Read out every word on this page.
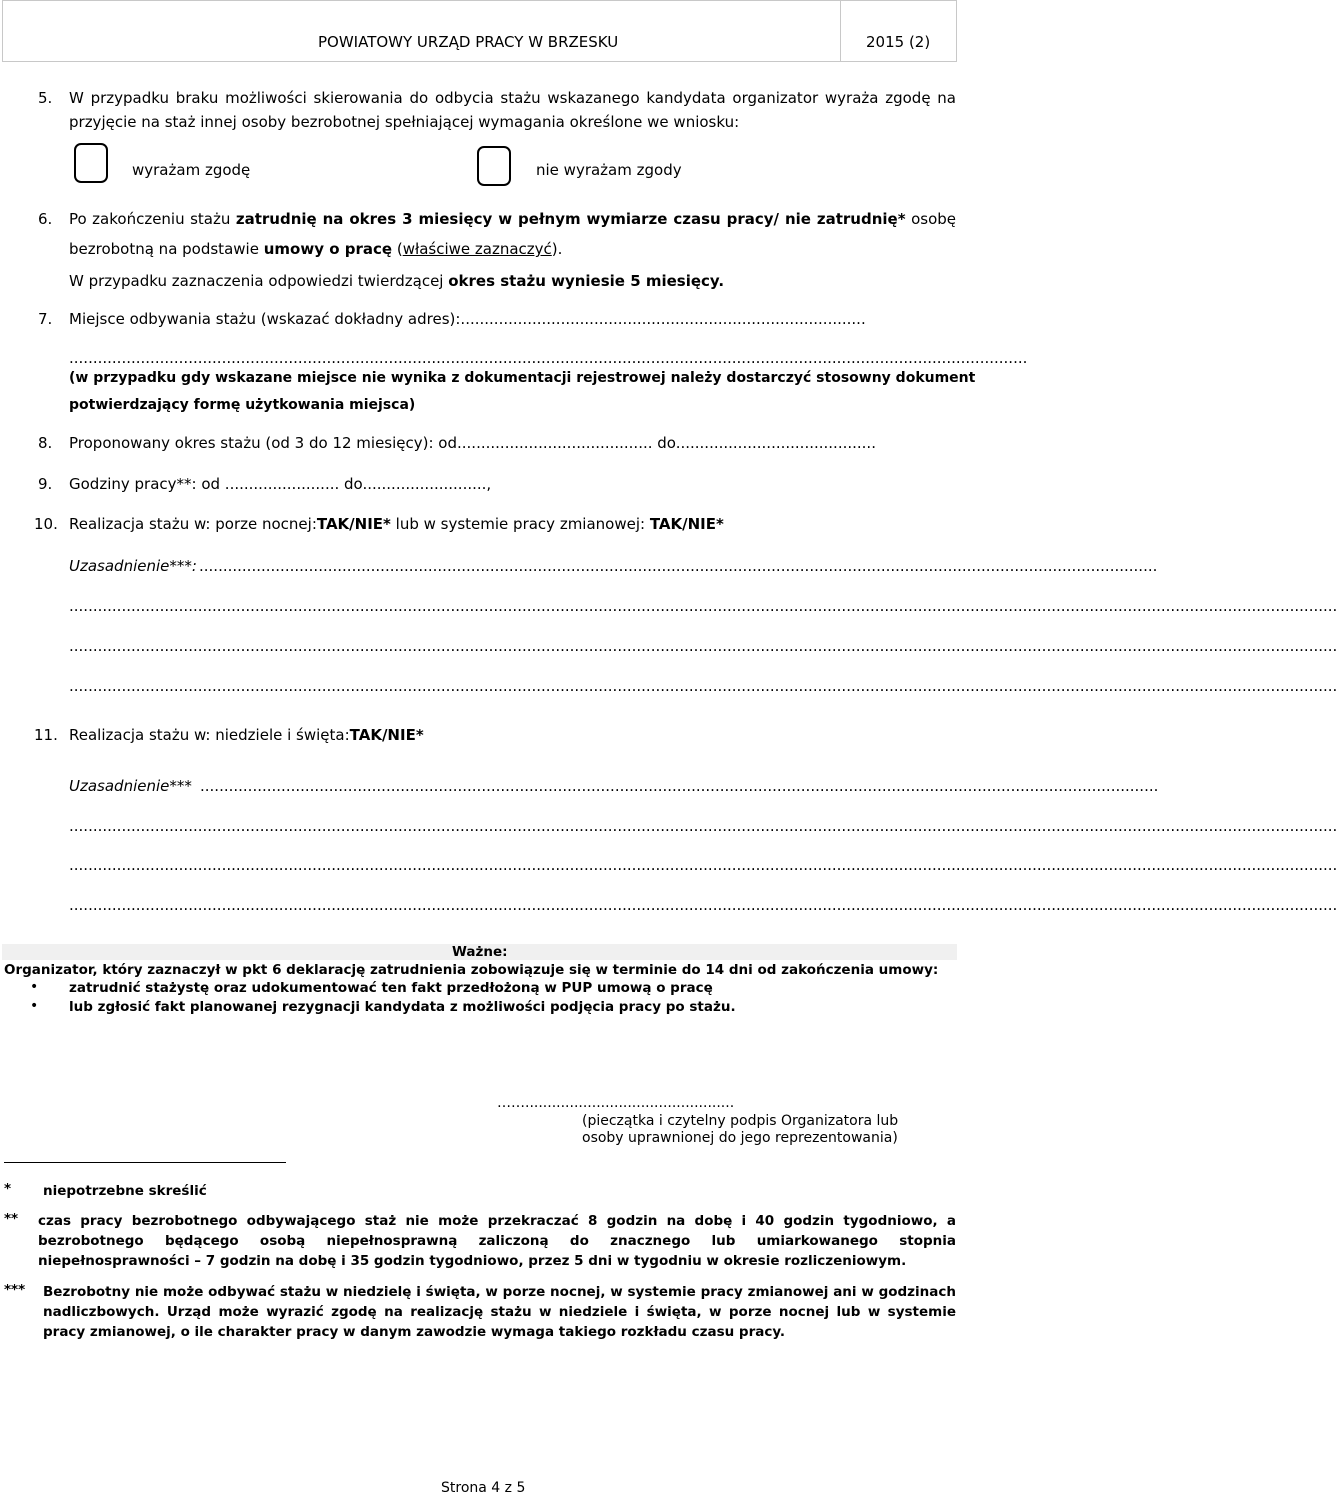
POWIATOWY URZĄD PRACY W BRZESKU	2015 (2)
5. W przypadku braku możliwości skierowania do odbycia stażu wskazanego kandydata organizator wyraża zgodę na
przyjęcie na staż innej osoby bezrobotnej spełniającej wymagania określone we wniosku:
wyrażam zgodę	nie wyrażam zgody
6. Po zakończeniu stażu zatrudnię na okres 3 miesięcy w pełnym wymiarze czasu pracy/ nie zatrudnię* osobę
bezrobotną na podstawie umowy o pracę (właściwe zaznaczyć).
W przypadku zaznaczenia odpowiedzi twierdzącej okres stażu wyniesie 5 miesięcy.
7. Miejsce odbywania stażu (wskazać dokładny adres):.....................................................................................
.........................................................................................................................................................................................................
(w przypadku gdy wskazane miejsce nie wynika z dokumentacji rejestrowej należy dostarczyć stosowny dokument
potwierdzający formę użytkowania miejsca)
8. Proponowany okres stażu (od 3 do 12 miesięcy): od......................................... do..........................................
9. Godziny pracy**: od ........................ do..........................,
10. Realizacja stażu w: porze nocnej:TAK/NIE* lub w systemie pracy zmianowej: TAK/NIE*
Uzasadnienie***: .........................................................................................................................................................................................................
..........................................................................................................................................................................................................................................................................
..........................................................................................................................................................................................................................................................................
..........................................................................................................................................................................................................................................................................
11. Realizacja stażu w: niedziele i święta:TAK/NIE*
Uzasadnienie*** .........................................................................................................................................................................................................
..........................................................................................................................................................................................................................................................................
..........................................................................................................................................................................................................................................................................
..........................................................................................................................................................................................................................................................................
Ważne:
Organizator, który zaznaczył w pkt 6 deklarację zatrudnienia zobowiązuje się w terminie do 14 dni od zakończenia umowy:
• zatrudnić stażystę oraz udokumentować ten fakt przedłożoną w PUP umową o pracę
• lub zgłosić fakt planowanej rezygnacji kandydata z możliwości podjęcia pracy po stażu.
……...............................................
(pieczątka i czytelny podpis Organizatora lub
osoby uprawnionej do jego reprezentowania)
* niepotrzebne skreślić
** czas pracy bezrobotnego odbywającego staż nie może przekraczać 8 godzin na dobę i 40 godzin tygodniowo, a bezrobotnego będącego osobą niepełnosprawną zaliczoną do znacznego lub umiarkowanego stopnia niepełnosprawności – 7 godzin na dobę i 35 godzin tygodniowo, przez 5 dni w tygodniu w okresie rozliczeniowym.
*** Bezrobotny nie może odbywać stażu w niedzielę i święta, w porze nocnej, w systemie pracy zmianowej ani w godzinach nadliczbowych. Urząd może wyrazić zgodę na realizację stażu w niedziele i święta, w porze nocnej lub w systemie pracy zmianowej, o ile charakter pracy w danym zawodzie wymaga takiego rozkładu czasu pracy.
Strona 4 z 5
